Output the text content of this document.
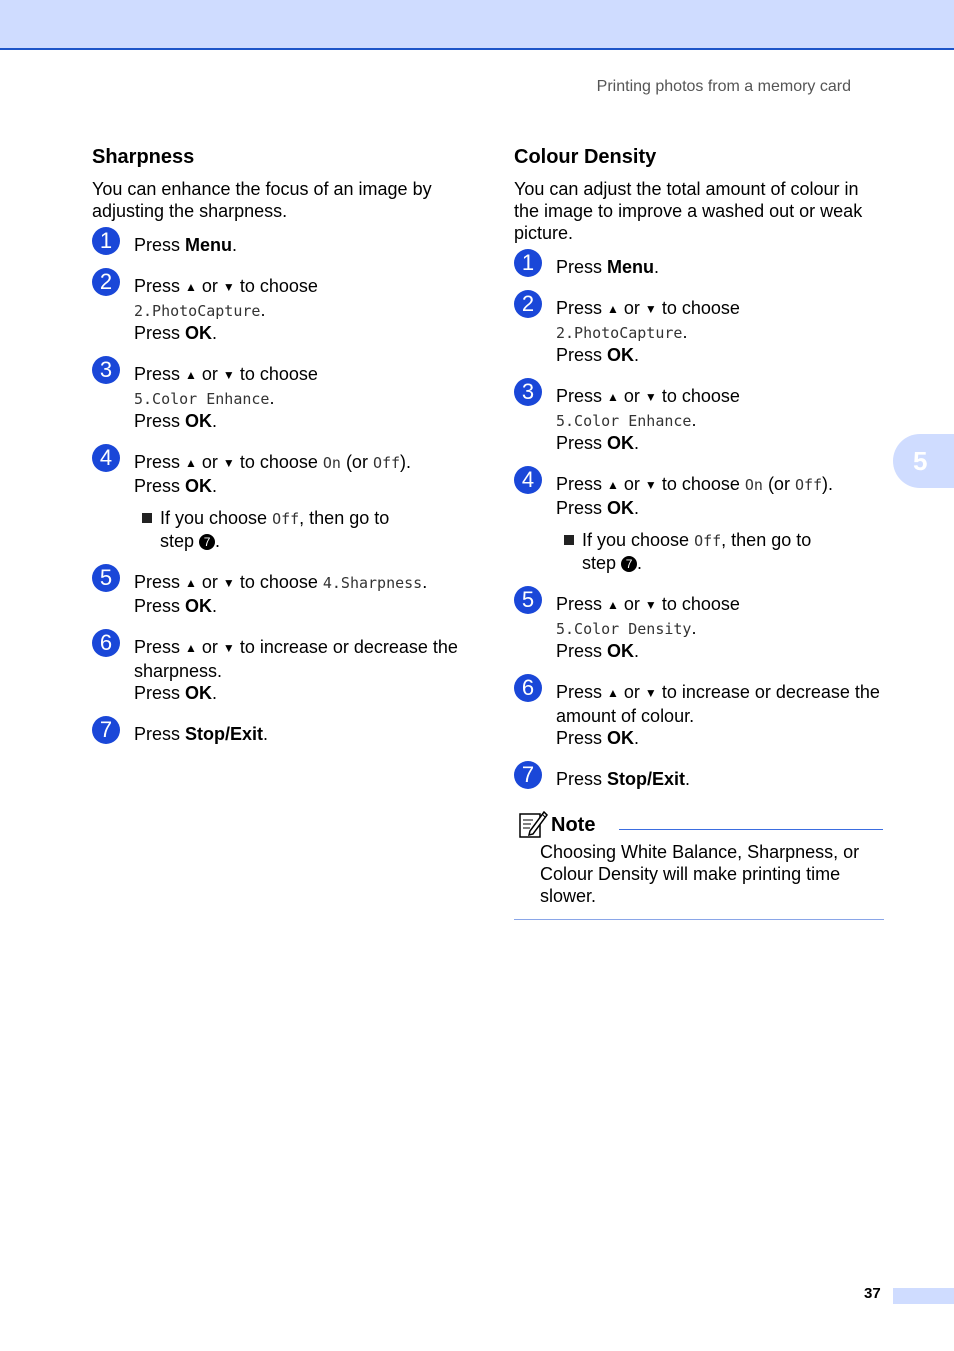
Printing photos from a memory card
5
Sharpness

You can enhance the focus of an image by adjusting the sharpness.

1	Press Menu.
2	Press ▲ or ▼ to choose
2.PhotoCapture.
Press OK.
3	Press ▲ or ▼ to choose
5.Color Enhance.
Press OK.
4	Press ▲ or ▼ to choose On (or Off).
Press OK.
If you choose Off, then go to
step 7 .
5	Press ▲ or ▼ to choose 4.Sharpness.
Press OK.
6	Press ▲ or ▼ to increase or decrease the
sharpness.
Press OK.
7	Press Stop/Exit.
Colour Density

You can adjust the total amount of colour in the image to improve a washed out or weak picture.

1	Press Menu.
2	Press ▲ or ▼ to choose
2.PhotoCapture.
Press OK.
3	Press ▲ or ▼ to choose
5.Color Enhance.
Press OK.
4	Press ▲ or ▼ to choose On (or Off).
Press OK.
If you choose Off, then go to
step 7 .
5	Press ▲ or ▼ to choose
5.Color Density.
Press OK.
6	Press ▲ or ▼ to increase or decrease the
amount of colour.
Press OK.
7	Press Stop/Exit.
Note
Choosing White Balance, Sharpness, or Colour Density will make printing time slower.
37
